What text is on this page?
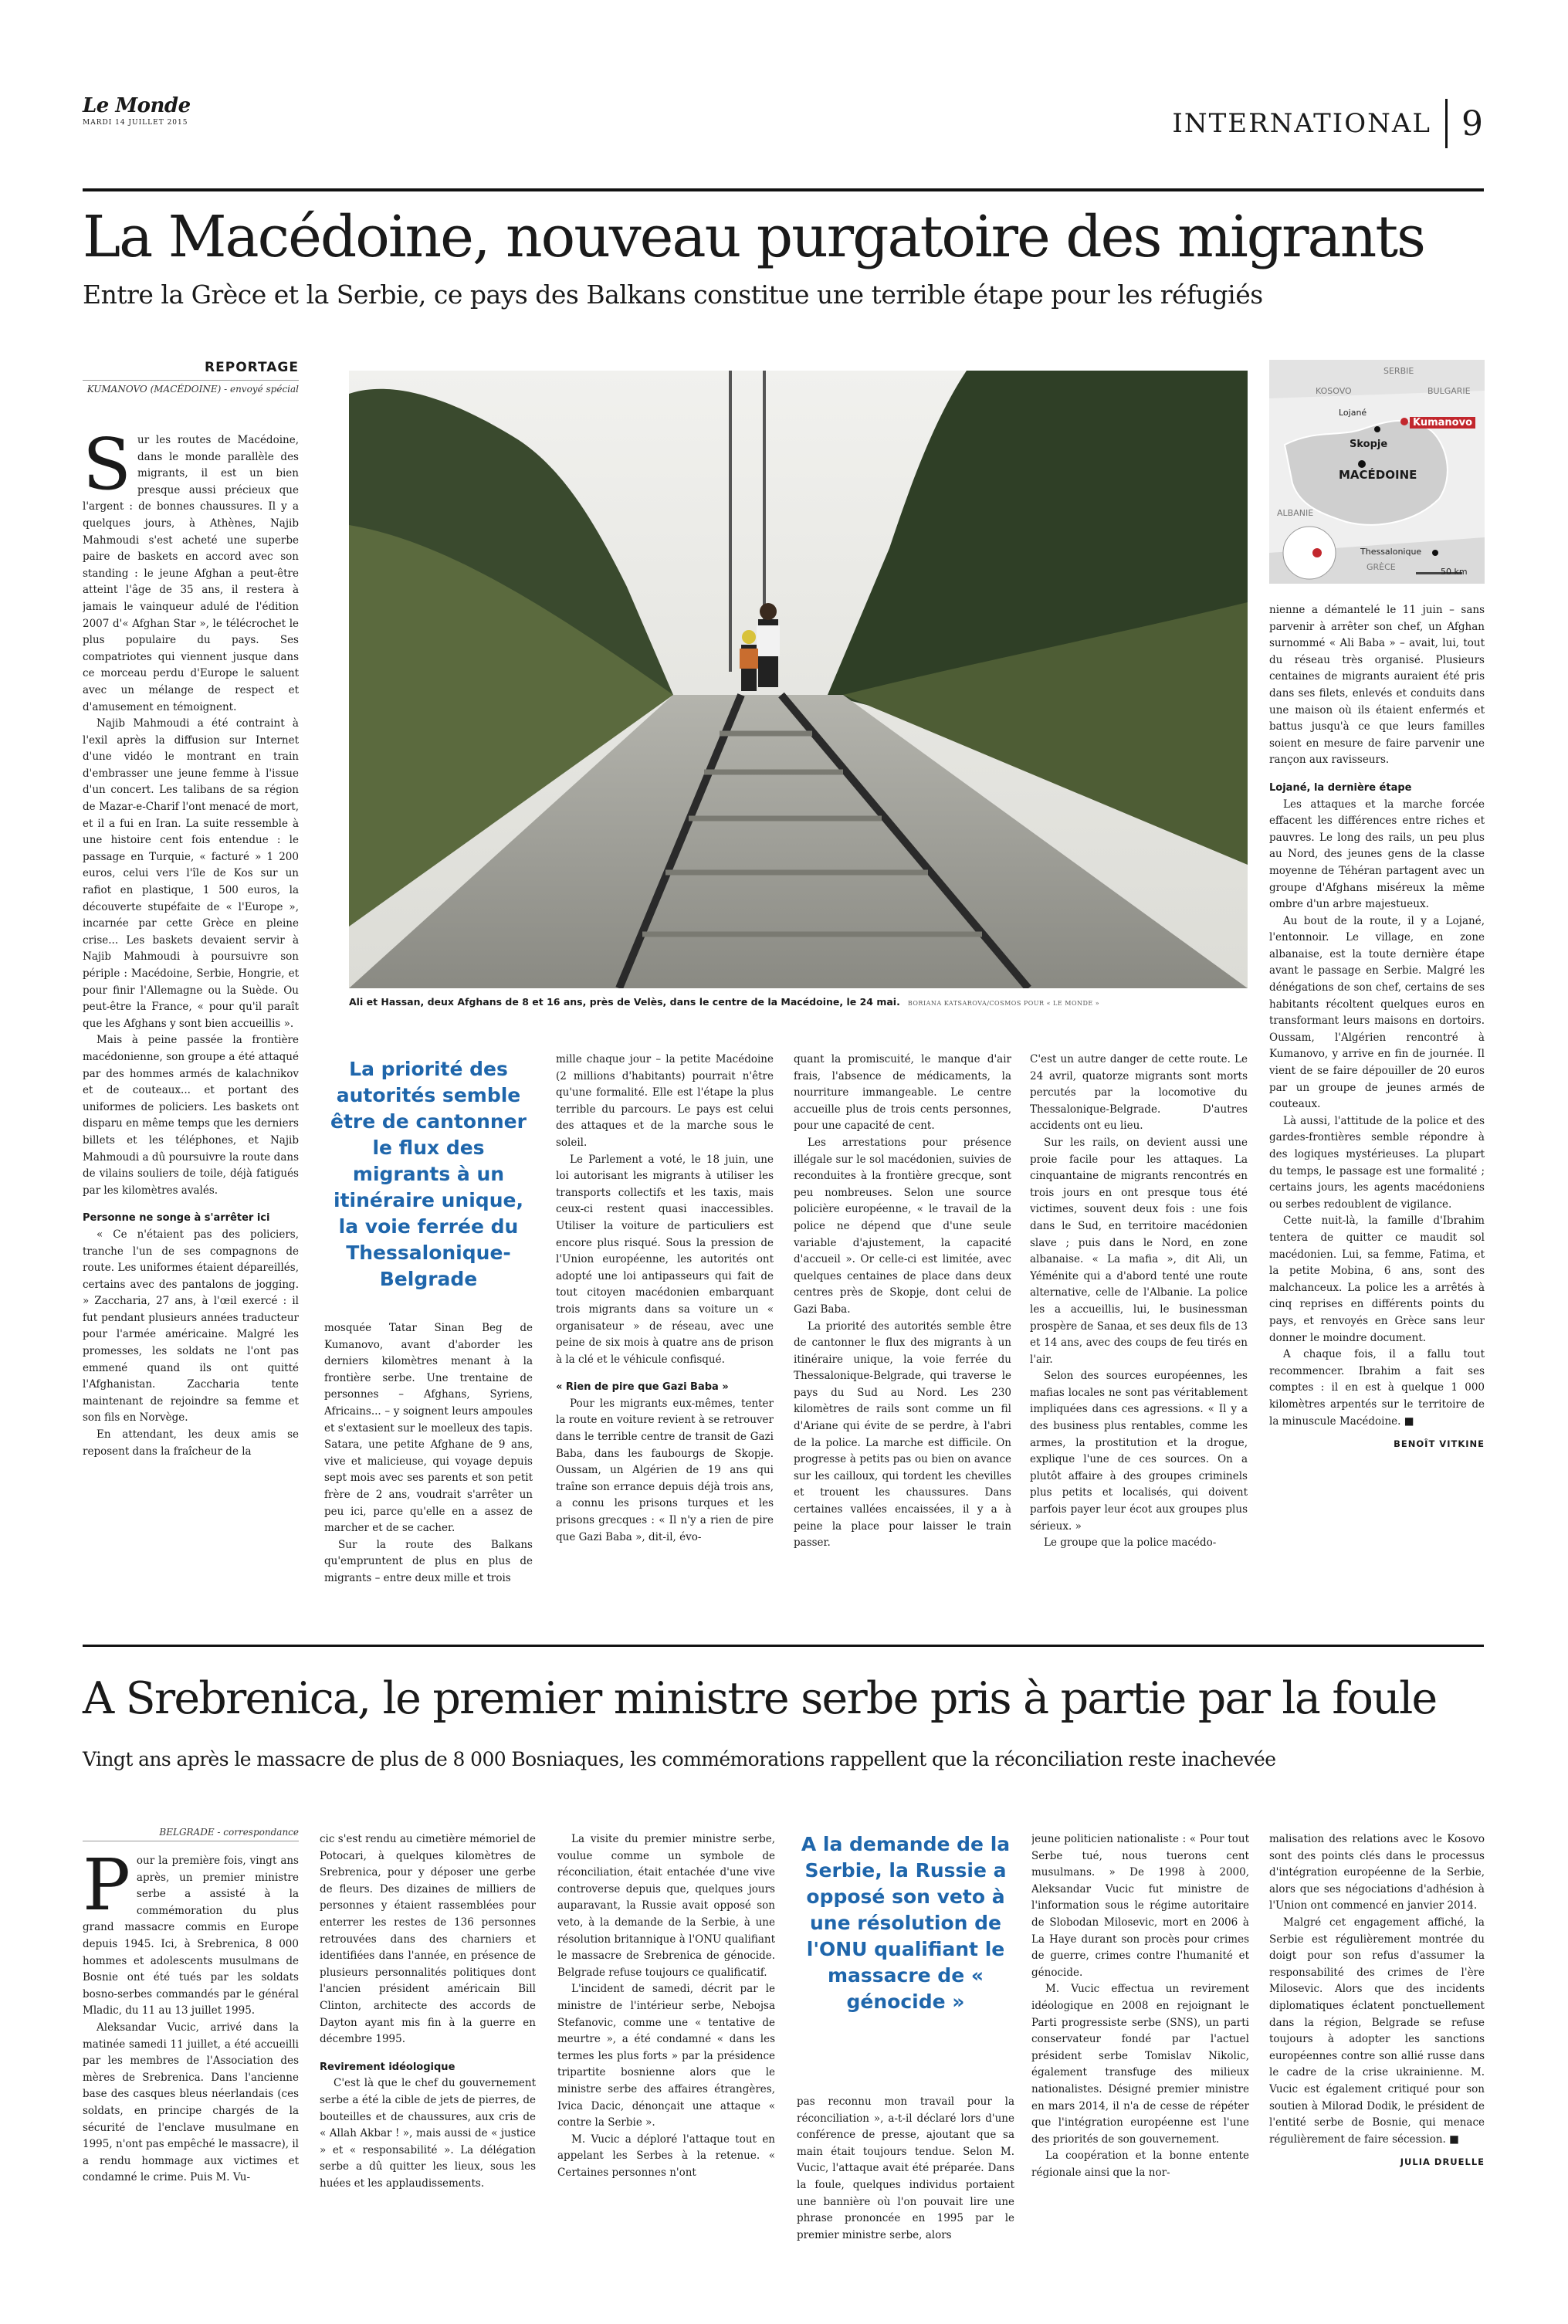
Le Monde
MARDI 14 JUILLET 2015	INTERNATIONAL 9
La Macédoine, nouveau purgatoire des migrants
Entre la Grèce et la Serbie, ce pays des Balkans constitue une terrible étape pour les réfugiés
REPORTAGE
KUMANOVO (MACÉDOINE) - envoyé spécial
Ali et Hassan, deux Afghans de 8 et 16 ans, près de Velès, dans le centre de la Macédoine, le 24 mai. BORIANA KATSAROVA/COSMOS POUR « LE MONDE »
SERBIE
KOSOVO	BULGARIE
Lojané
Kumanovo
Skopje
MACÉDOINE
ALBANIE
Thessalonique
GRÈCE	50 km

Sur les routes de Macédoine, dans le monde parallèle des migrants, il est un bien presque aussi précieux que l'argent : de bonnes chaussures. Il y a quelques jours, à Athènes, Najib Mahmoudi s'est acheté une superbe paire de baskets en accord avec son standing : le jeune Afghan a peut-être atteint l'âge de 35 ans, il restera à jamais le vainqueur adulé de l'édition 2007 d'« Afghan Star », le télécrochet le plus populaire du pays. Ses compatriotes qui viennent jusque dans ce morceau perdu d'Europe le saluent avec un mélange de respect et d'amusement en témoignent.

Najib Mahmoudi a été contraint à l'exil après la diffusion sur Internet d'une vidéo le montrant en train d'embrasser une jeune femme à l'issue d'un concert. Les talibans de sa région de Mazar-e-Charif l'ont menacé de mort, et il a fui en Iran. La suite ressemble à une histoire cent fois entendue : le passage en Turquie, « facturé » 1 200 euros, celui vers l'île de Kos sur un rafiot en plastique, 1 500 euros, la découverte stupéfaite de « l'Europe », incarnée par cette Grèce en pleine crise... Les baskets devaient servir à Najib Mahmoudi à poursuivre son périple : Macédoine, Serbie, Hongrie, et pour finir l'Allemagne ou la Suède. Ou peut-être la France, « pour qu'il paraît que les Afghans y sont bien accueillis ».

Mais à peine passée la frontière macédonienne, son groupe a été attaqué par des hommes armés de kalachnikov et de couteaux... et portant des uniformes de policiers. Les baskets ont disparu en même temps que les derniers billets et les téléphones, et Najib Mahmoudi a dû poursuivre la route dans de vilains souliers de toile, déjà fatigués par les kilomètres avalés.

Personne ne songe à s'arrêter ici

« Ce n'étaient pas des policiers, tranche l'un de ses compagnons de route. Les uniformes étaient dépareillés, certains avec des pantalons de jogging. » Zaccharia, 27 ans, à l'œil exercé : il fut pendant plusieurs années traducteur pour l'armée américaine. Malgré les promesses, les soldats ne l'ont pas emmené quand ils ont quitté l'Afghanistan. Zaccharia tente maintenant de rejoindre sa femme et son fils en Norvège.

En attendant, les deux amis se reposent dans la fraîcheur de la

La priorité des autorités semble être de cantonner le flux des migrants à un itinéraire unique, la voie ferrée du Thessalonique-Belgrade

mosquée Tatar Sinan Beg de Kumanovo, avant d'aborder les derniers kilomètres menant à la frontière serbe. Une trentaine de personnes – Afghans, Syriens, Africains... – y soignent leurs ampoules et s'extasient sur le moelleux des tapis. Satara, une petite Afghane de 9 ans, vive et malicieuse, qui voyage depuis sept mois avec ses parents et son petit frère de 2 ans, voudrait s'arrêter un peu ici, parce qu'elle en a assez de marcher et de se cacher.

Sur la route des Balkans qu'empruntent de plus en plus de migrants – entre deux mille et trois

mille chaque jour – la petite Macédoine (2 millions d'habitants) pourrait n'être qu'une formalité. Elle est l'étape la plus terrible du parcours. Le pays est celui des attaques et de la marche sous le soleil.

Le Parlement a voté, le 18 juin, une loi autorisant les migrants à utiliser les transports collectifs et les taxis, mais ceux-ci restent quasi inaccessibles. Utiliser la voiture de particuliers est encore plus risqué. Sous la pression de l'Union européenne, les autorités ont adopté une loi antipasseurs qui fait de tout citoyen macédonien embarquant trois migrants dans sa voiture un « organisateur » de réseau, avec une peine de six mois à quatre ans de prison à la clé et le véhicule confisqué.

« Rien de pire que Gazi Baba »

Pour les migrants eux-mêmes, tenter la route en voiture revient à se retrouver dans le terrible centre de transit de Gazi Baba, dans les faubourgs de Skopje. Oussam, un Algérien de 19 ans qui traîne son errance depuis déjà trois ans, a connu les prisons turques et les prisons grecques : « Il n'y a rien de pire que Gazi Baba », dit-il, évo-

quant la promiscuité, le manque d'air frais, l'absence de médicaments, la nourriture immangeable. Le centre accueille plus de trois cents personnes, pour une capacité de cent.

Les arrestations pour présence illégale sur le sol macédonien, suivies de reconduites à la frontière grecque, sont peu nombreuses. Selon une source policière européenne, « le travail de la police ne dépend que d'une seule variable d'ajustement, la capacité d'accueil ». Or celle-ci est limitée, avec quelques centaines de place dans deux centres près de Skopje, dont celui de Gazi Baba.

La priorité des autorités semble être de cantonner le flux des migrants à un itinéraire unique, la voie ferrée du Thessalonique-Belgrade, qui traverse le pays du Sud au Nord. Les 230 kilomètres de rails sont comme un fil d'Ariane qui évite de se perdre, à l'abri de la police. La marche est difficile. On progresse à petits pas ou bien on avance sur les cailloux, qui tordent les chevilles et trouent les chaussures. Dans certaines vallées encaissées, il y a à peine la place pour laisser le train passer.

C'est un autre danger de cette route. Le 24 avril, quatorze migrants sont morts percutés par la locomotive du Thessalonique-Belgrade. D'autres accidents ont eu lieu.

Sur les rails, on devient aussi une proie facile pour les attaques. La cinquantaine de migrants rencontrés en trois jours en ont presque tous été victimes, souvent deux fois : une fois dans le Sud, en territoire macédonien slave ; puis dans le Nord, en zone albanaise. « La mafia », dit Ali, un Yéménite qui a d'abord tenté une route alternative, celle de l'Albanie. La police les a accueillis, lui, le businessman prospère de Sanaa, et ses deux fils de 13 et 14 ans, avec des coups de feu tirés en l'air.

Selon des sources européennes, les mafias locales ne sont pas véritablement impliquées dans ces agressions. « Il y a des business plus rentables, comme les armes, la prostitution et la drogue, explique l'une de ces sources. On a plutôt affaire à des groupes criminels plus petits et localisés, qui doivent parfois payer leur écot aux groupes plus sérieux. »

Le groupe que la police macédo-

nienne a démantelé le 11 juin – sans parvenir à arrêter son chef, un Afghan surnommé « Ali Baba » – avait, lui, tout du réseau très organisé. Plusieurs centaines de migrants auraient été pris dans ses filets, enlevés et conduits dans une maison où ils étaient enfermés et battus jusqu'à ce que leurs familles soient en mesure de faire parvenir une rançon aux ravisseurs.

Lojané, la dernière étape

Les attaques et la marche forcée effacent les différences entre riches et pauvres. Le long des rails, un peu plus au Nord, des jeunes gens de la classe moyenne de Téhéran partagent avec un groupe d'Afghans miséreux la même ombre d'un arbre majestueux.

Au bout de la route, il y a Lojané, l'entonnoir. Le village, en zone albanaise, est la toute dernière étape avant le passage en Serbie. Malgré les dénégations de son chef, certains de ses habitants récoltent quelques euros en transformant leurs maisons en dortoirs. Oussam, l'Algérien rencontré à Kumanovo, y arrive en fin de journée. Il vient de se faire dépouiller de 20 euros par un groupe de jeunes armés de couteaux.

Là aussi, l'attitude de la police et des gardes-frontières semble répondre à des logiques mystérieuses. La plupart du temps, le passage est une formalité ; certains jours, les agents macédoniens ou serbes redoublent de vigilance.

Cette nuit-là, la famille d'Ibrahim tentera de quitter ce maudit sol macédonien. Lui, sa femme, Fatima, et la petite Mobina, 6 ans, sont des malchanceux. La police les a arrêtés à cinq reprises en différents points du pays, et renvoyés en Grèce sans leur donner le moindre document.

A chaque fois, il a fallu tout recommencer. Ibrahim a fait ses comptes : il en est à quelque 1 000 kilomètres arpentés sur le territoire de la minuscule Macédoine. ■

BENOÎT VITKINE

A Srebrenica, le premier ministre serbe pris à partie par la foule
Vingt ans après le massacre de plus de 8 000 Bosniaques, les commémorations rappellent que la réconciliation reste inachevée
BELGRADE - correspondance

Pour la première fois, vingt ans après, un premier ministre serbe a assisté à la commémoration du plus grand massacre commis en Europe depuis 1945. Ici, à Srebrenica, 8 000 hommes et adolescents musulmans de Bosnie ont été tués par les soldats bosno-serbes commandés par le général Mladic, du 11 au 13 juillet 1995.

Aleksandar Vucic, arrivé dans la matinée samedi 11 juillet, a été accueilli par les membres de l'Association des mères de Srebrenica. Dans l'ancienne base des casques bleus néerlandais (ces soldats, en principe chargés de la sécurité de l'enclave musulmane en 1995, n'ont pas empêché le massacre), il a rendu hommage aux victimes et condamné le crime. Puis M. Vu-

cic s'est rendu au cimetière mémoriel de Potocari, à quelques kilomètres de Srebrenica, pour y déposer une gerbe de fleurs. Des dizaines de milliers de personnes y étaient rassemblées pour enterrer les restes de 136 personnes retrouvées dans des charniers et identifiées dans l'année, en présence de plusieurs personnalités politiques dont l'ancien président américain Bill Clinton, architecte des accords de Dayton ayant mis fin à la guerre en décembre 1995.

Revirement idéologique

C'est là que le chef du gouvernement serbe a été la cible de jets de pierres, de bouteilles et de chaussures, aux cris de « Allah Akbar ! », mais aussi de « justice » et « responsabilité ». La délégation serbe a dû quitter les lieux, sous les huées et les applaudissements.

La visite du premier ministre serbe, voulue comme un symbole de réconciliation, était entachée d'une vive controverse depuis que, quelques jours auparavant, la Russie avait opposé son veto, à la demande de la Serbie, à une résolution britannique à l'ONU qualifiant le massacre de Srebrenica de génocide. Belgrade refuse toujours ce qualificatif.

L'incident de samedi, décrit par le ministre de l'intérieur serbe, Nebojsa Stefanovic, comme une « tentative de meurtre », a été condamné « dans les termes les plus forts » par la présidence tripartite bosnienne alors que le ministre serbe des affaires étrangères, Ivica Dacic, dénonçait une attaque « contre la Serbie ».

M. Vucic a déploré l'attaque tout en appelant les Serbes à la retenue. « Certaines personnes n'ont

A la demande de la Serbie, la Russie a opposé son veto à une résolution de l'ONU qualifiant le massacre de « génocide »

pas reconnu mon travail pour la réconciliation », a-t-il déclaré lors d'une conférence de presse, ajoutant que sa main était toujours tendue. Selon M. Vucic, l'attaque avait été préparée. Dans la foule, quelques individus portaient une bannière où l'on pouvait lire une phrase prononcée en 1995 par le premier ministre serbe, alors

jeune politicien nationaliste : « Pour tout Serbe tué, nous tuerons cent musulmans. » De 1998 à 2000, Aleksandar Vucic fut ministre de l'information sous le régime autoritaire de Slobodan Milosevic, mort en 2006 à La Haye durant son procès pour crimes de guerre, crimes contre l'humanité et génocide.

M. Vucic effectua un revirement idéologique en 2008 en rejoignant le Parti progressiste serbe (SNS), un parti conservateur fondé par l'actuel président serbe Tomislav Nikolic, également transfuge des milieux nationalistes. Désigné premier ministre en mars 2014, il n'a de cesse de répéter que l'intégration européenne est l'une des priorités de son gouvernement.

La coopération et la bonne entente régionale ainsi que la nor-

malisation des relations avec le Kosovo sont des points clés dans le processus d'intégration européenne de la Serbie, alors que ses négociations d'adhésion à l'Union ont commencé en janvier 2014.

Malgré cet engagement affiché, la Serbie est régulièrement montrée du doigt pour son refus d'assumer la responsabilité des crimes de l'ère Milosevic. Alors que des incidents diplomatiques éclatent ponctuellement dans la région, Belgrade se refuse toujours à adopter les sanctions européennes contre son allié russe dans le cadre de la crise ukrainienne. M. Vucic est également critiqué pour son soutien à Milorad Dodik, le président de l'entité serbe de Bosnie, qui menace régulièrement de faire sécession. ■

JULIA DRUELLE
